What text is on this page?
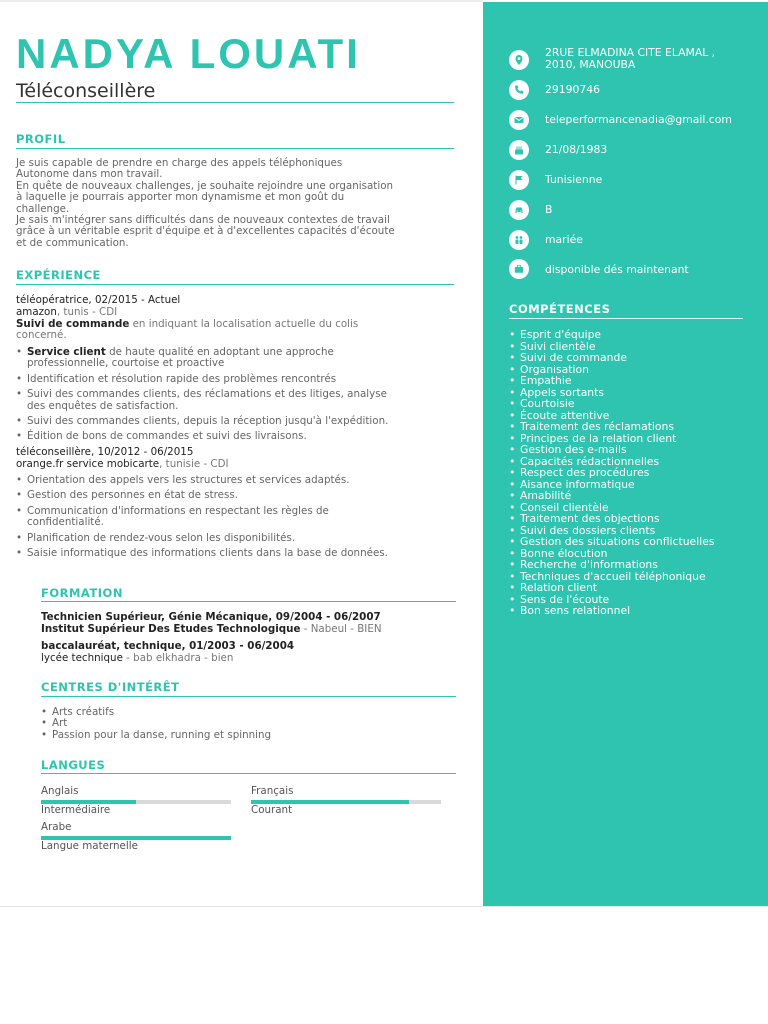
NADYA LOUATI
Téléconseillère
PROFIL
Je suis capable de prendre en charge des appels téléphoniques
Autonome dans mon travail.
En quête de nouveaux challenges, je souhaite rejoindre une organisation
à laquelle je pourrais apporter mon dynamisme et mon goût du
challenge.
Je sais m'intégrer sans difficultés dans de nouveaux contextes de travail
grâce à un véritable esprit d'équipe et à d'excellentes capacités d'écoute
et de communication.
EXPÉRIENCE
téléopératrice, 02/2015 - Actuel
amazon, tunis - CDI
Suivi de commande en indiquant la localisation actuelle du colis
concerné.
• Service client de haute qualité en adoptant une approche
professionnelle, courtoise et proactive
• Identification et résolution rapide des problèmes rencontrés
• Suivi des commandes clients, des réclamations et des litiges, analyse
des enquêtes de satisfaction.
• Suivi des commandes clients, depuis la réception jusqu'à l'expédition.
• Édition de bons de commandes et suivi des livraisons.
téléconseillère, 10/2012 - 06/2015
orange.fr service mobicarte, tunisie - CDI
• Orientation des appels vers les structures et services adaptés.
• Gestion des personnes en état de stress.
• Communication d'informations en respectant les règles de
confidentialité.
• Planification de rendez-vous selon les disponibilités.
• Saisie informatique des informations clients dans la base de données.
FORMATION
Technicien Supérieur, Génie Mécanique, 09/2004 - 06/2007
Institut Supérieur Des Etudes Technologique - Nabeul - BIEN
baccalauréat, technique, 01/2003 - 06/2004
lycée technique - bab elkhadra - bien
CENTRES D'INTÉRÊT
• Arts créatifs
• Art
• Passion pour la danse, running et spinning
LANGUES
Anglais
Intermédiaire
Français
Courant
Arabe
Langue maternelle
2RUE ELMADINA CITE ELAMAL ,
2010, MANOUBA
29190746
teleperformancenadia@gmail.com
21/08/1983
Tunisienne
B
mariée
disponible dés maintenant
COMPÉTENCES
• Esprit d'équipe
• Suivi clientèle
• Suivi de commande
• Organisation
• Empathie
• Appels sortants
• Courtoisie
• Écoute attentive
• Traitement des réclamations
• Principes de la relation client
• Gestion des e-mails
• Capacités rédactionnelles
• Respect des procédures
• Aisance informatique
• Amabilité
• Conseil clientèle
• Traitement des objections
• Suivi des dossiers clients
• Gestion des situations conflictuelles
• Bonne élocution
• Recherche d'informations
• Techniques d'accueil téléphonique
• Relation client
• Sens de l'écoute
• Bon sens relationnel
